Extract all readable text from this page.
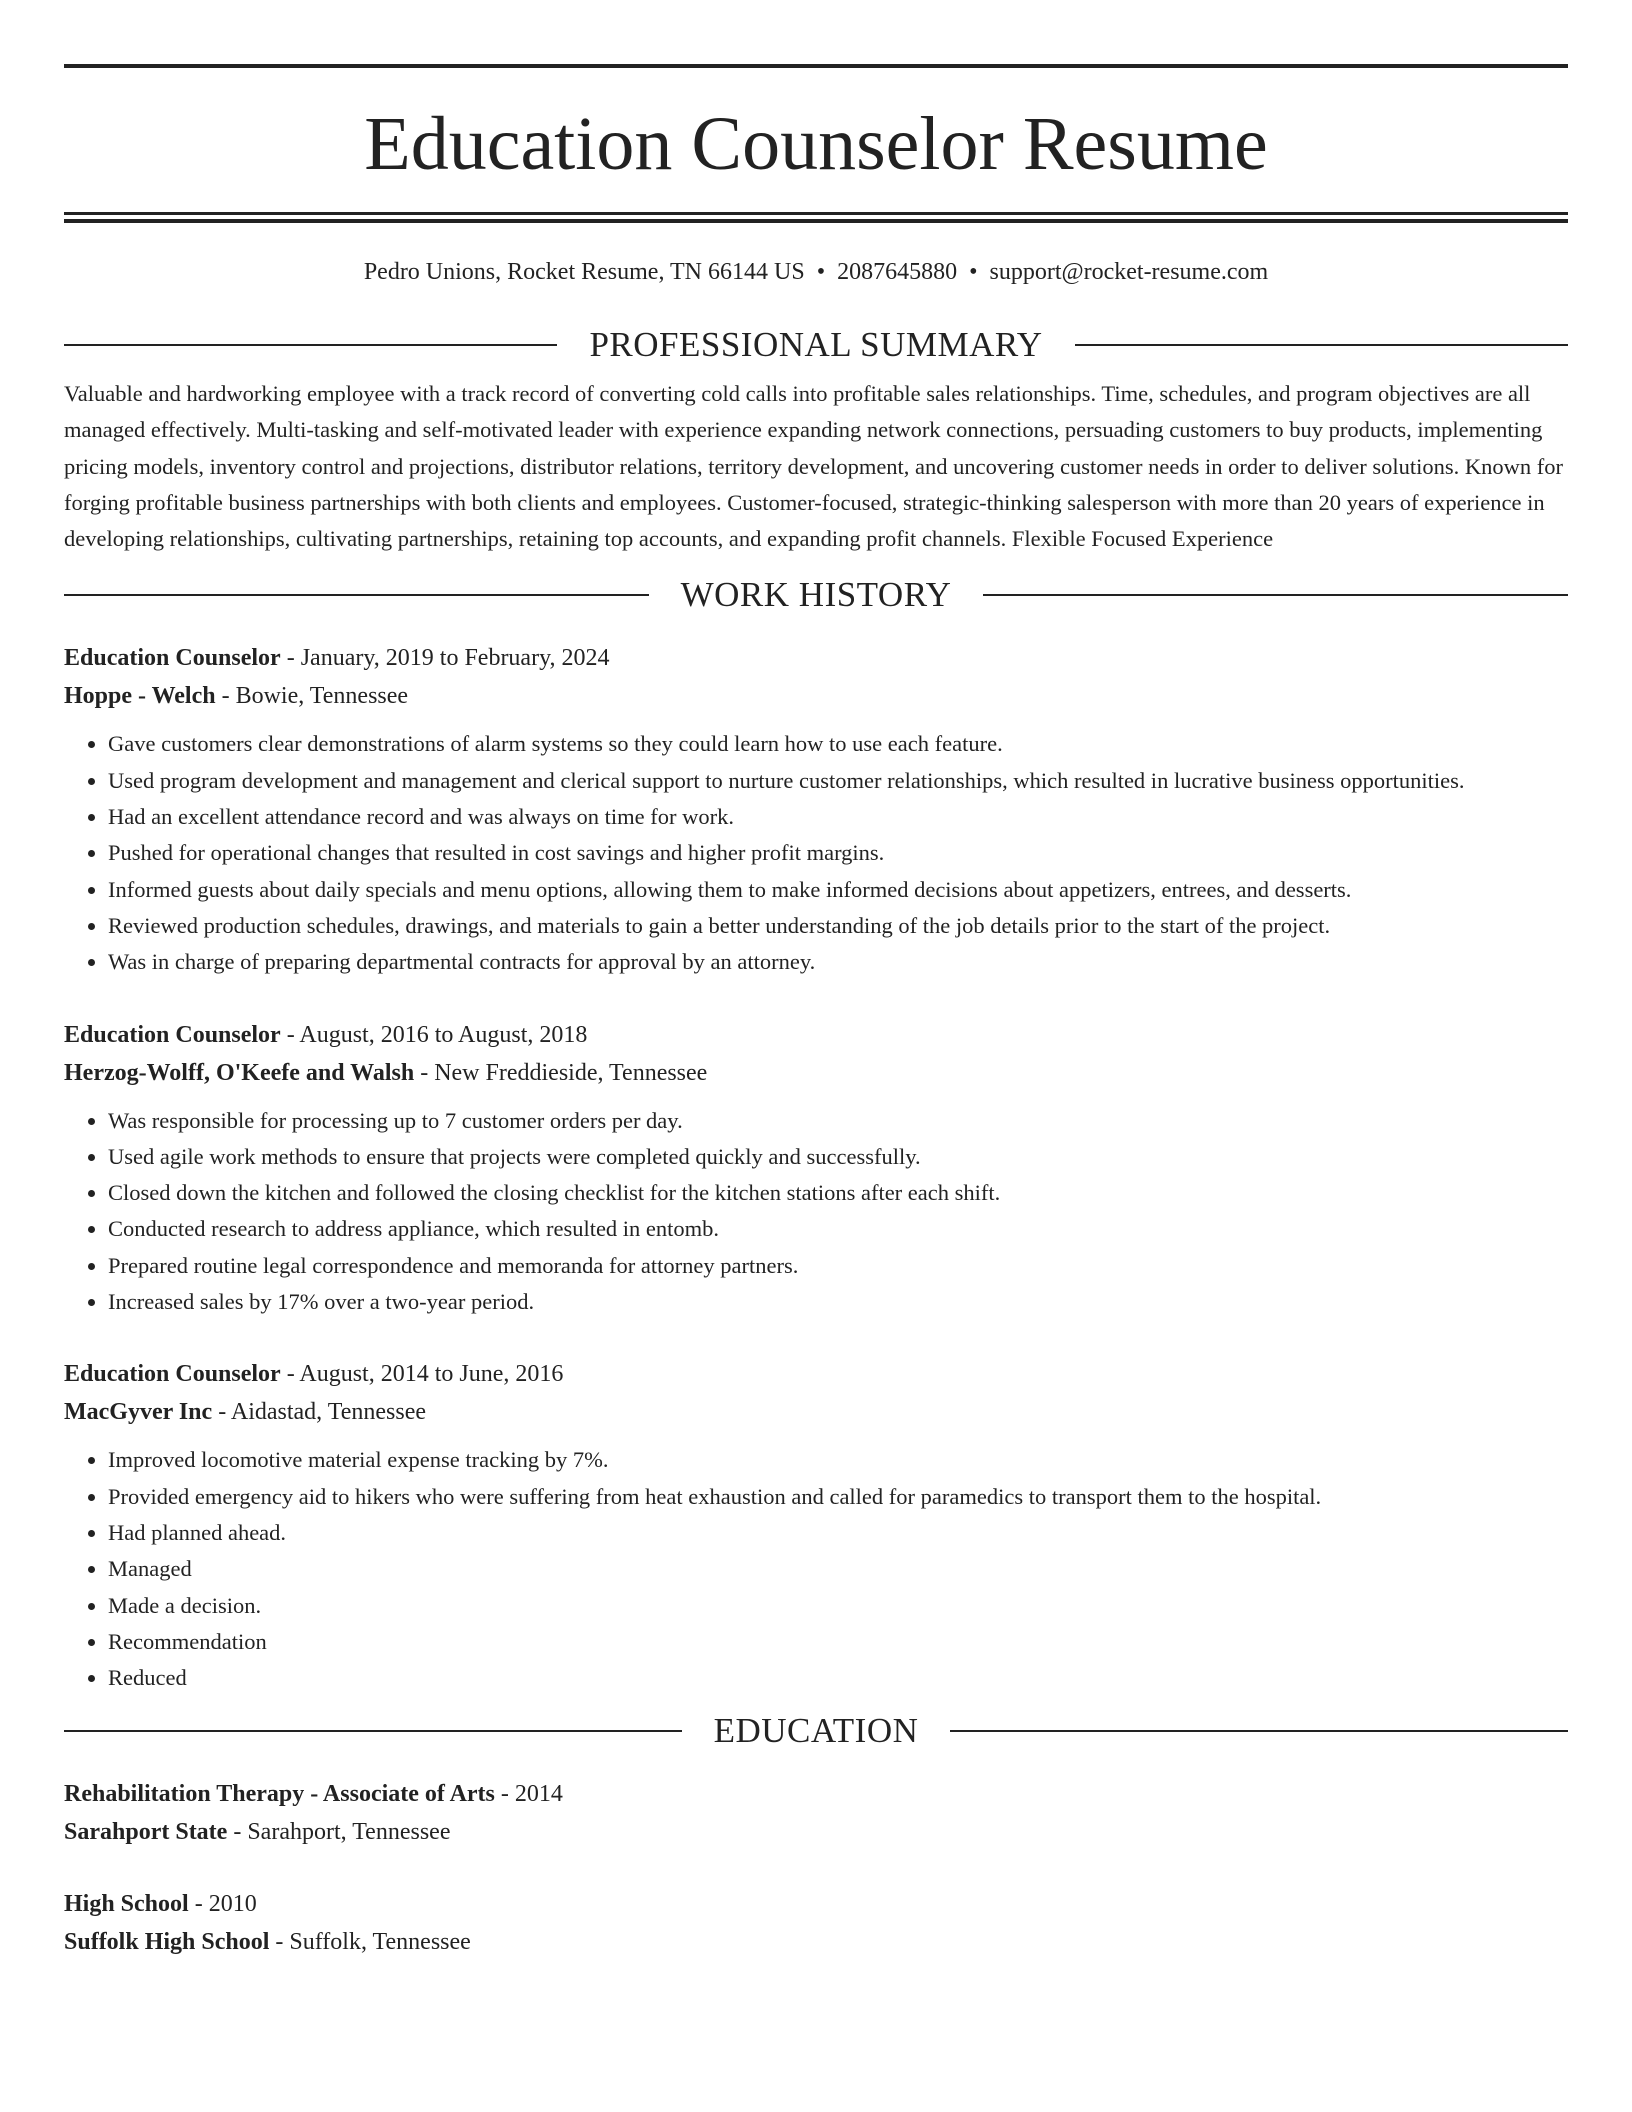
Education Counselor Resume
Pedro Unions, Rocket Resume, TN 66144 US • 2087645880 • support@rocket-resume.com
PROFESSIONAL SUMMARY
Valuable and hardworking employee with a track record of converting cold calls into profitable sales relationships. Time, schedules, and program objectives are all managed effectively. Multi-tasking and self-motivated leader with experience expanding network connections, persuading customers to buy products, implementing pricing models, inventory control and projections, distributor relations, territory development, and uncovering customer needs in order to deliver solutions. Known for forging profitable business partnerships with both clients and employees. Customer-focused, strategic-thinking salesperson with more than 20 years of experience in developing relationships, cultivating partnerships, retaining top accounts, and expanding profit channels. Flexible Focused Experience
WORK HISTORY
Education Counselor - January, 2019 to February, 2024
Hoppe - Welch - Bowie, Tennessee
• Gave customers clear demonstrations of alarm systems so they could learn how to use each feature.
• Used program development and management and clerical support to nurture customer relationships, which resulted in lucrative business opportunities.
• Had an excellent attendance record and was always on time for work.
• Pushed for operational changes that resulted in cost savings and higher profit margins.
• Informed guests about daily specials and menu options, allowing them to make informed decisions about appetizers, entrees, and desserts.
• Reviewed production schedules, drawings, and materials to gain a better understanding of the job details prior to the start of the project.
• Was in charge of preparing departmental contracts for approval by an attorney.
Education Counselor - August, 2016 to August, 2018
Herzog-Wolff, O'Keefe and Walsh - New Freddieside, Tennessee
• Was responsible for processing up to 7 customer orders per day.
• Used agile work methods to ensure that projects were completed quickly and successfully.
• Closed down the kitchen and followed the closing checklist for the kitchen stations after each shift.
• Conducted research to address appliance, which resulted in entomb.
• Prepared routine legal correspondence and memoranda for attorney partners.
• Increased sales by 17% over a two-year period.
Education Counselor - August, 2014 to June, 2016
MacGyver Inc - Aidastad, Tennessee
• Improved locomotive material expense tracking by 7%.
• Provided emergency aid to hikers who were suffering from heat exhaustion and called for paramedics to transport them to the hospital.
• Had planned ahead.
• Managed
• Made a decision.
• Recommendation
• Reduced
EDUCATION
Rehabilitation Therapy - Associate of Arts - 2014
Sarahport State - Sarahport, Tennessee
High School - 2010
Suffolk High School - Suffolk, Tennessee
